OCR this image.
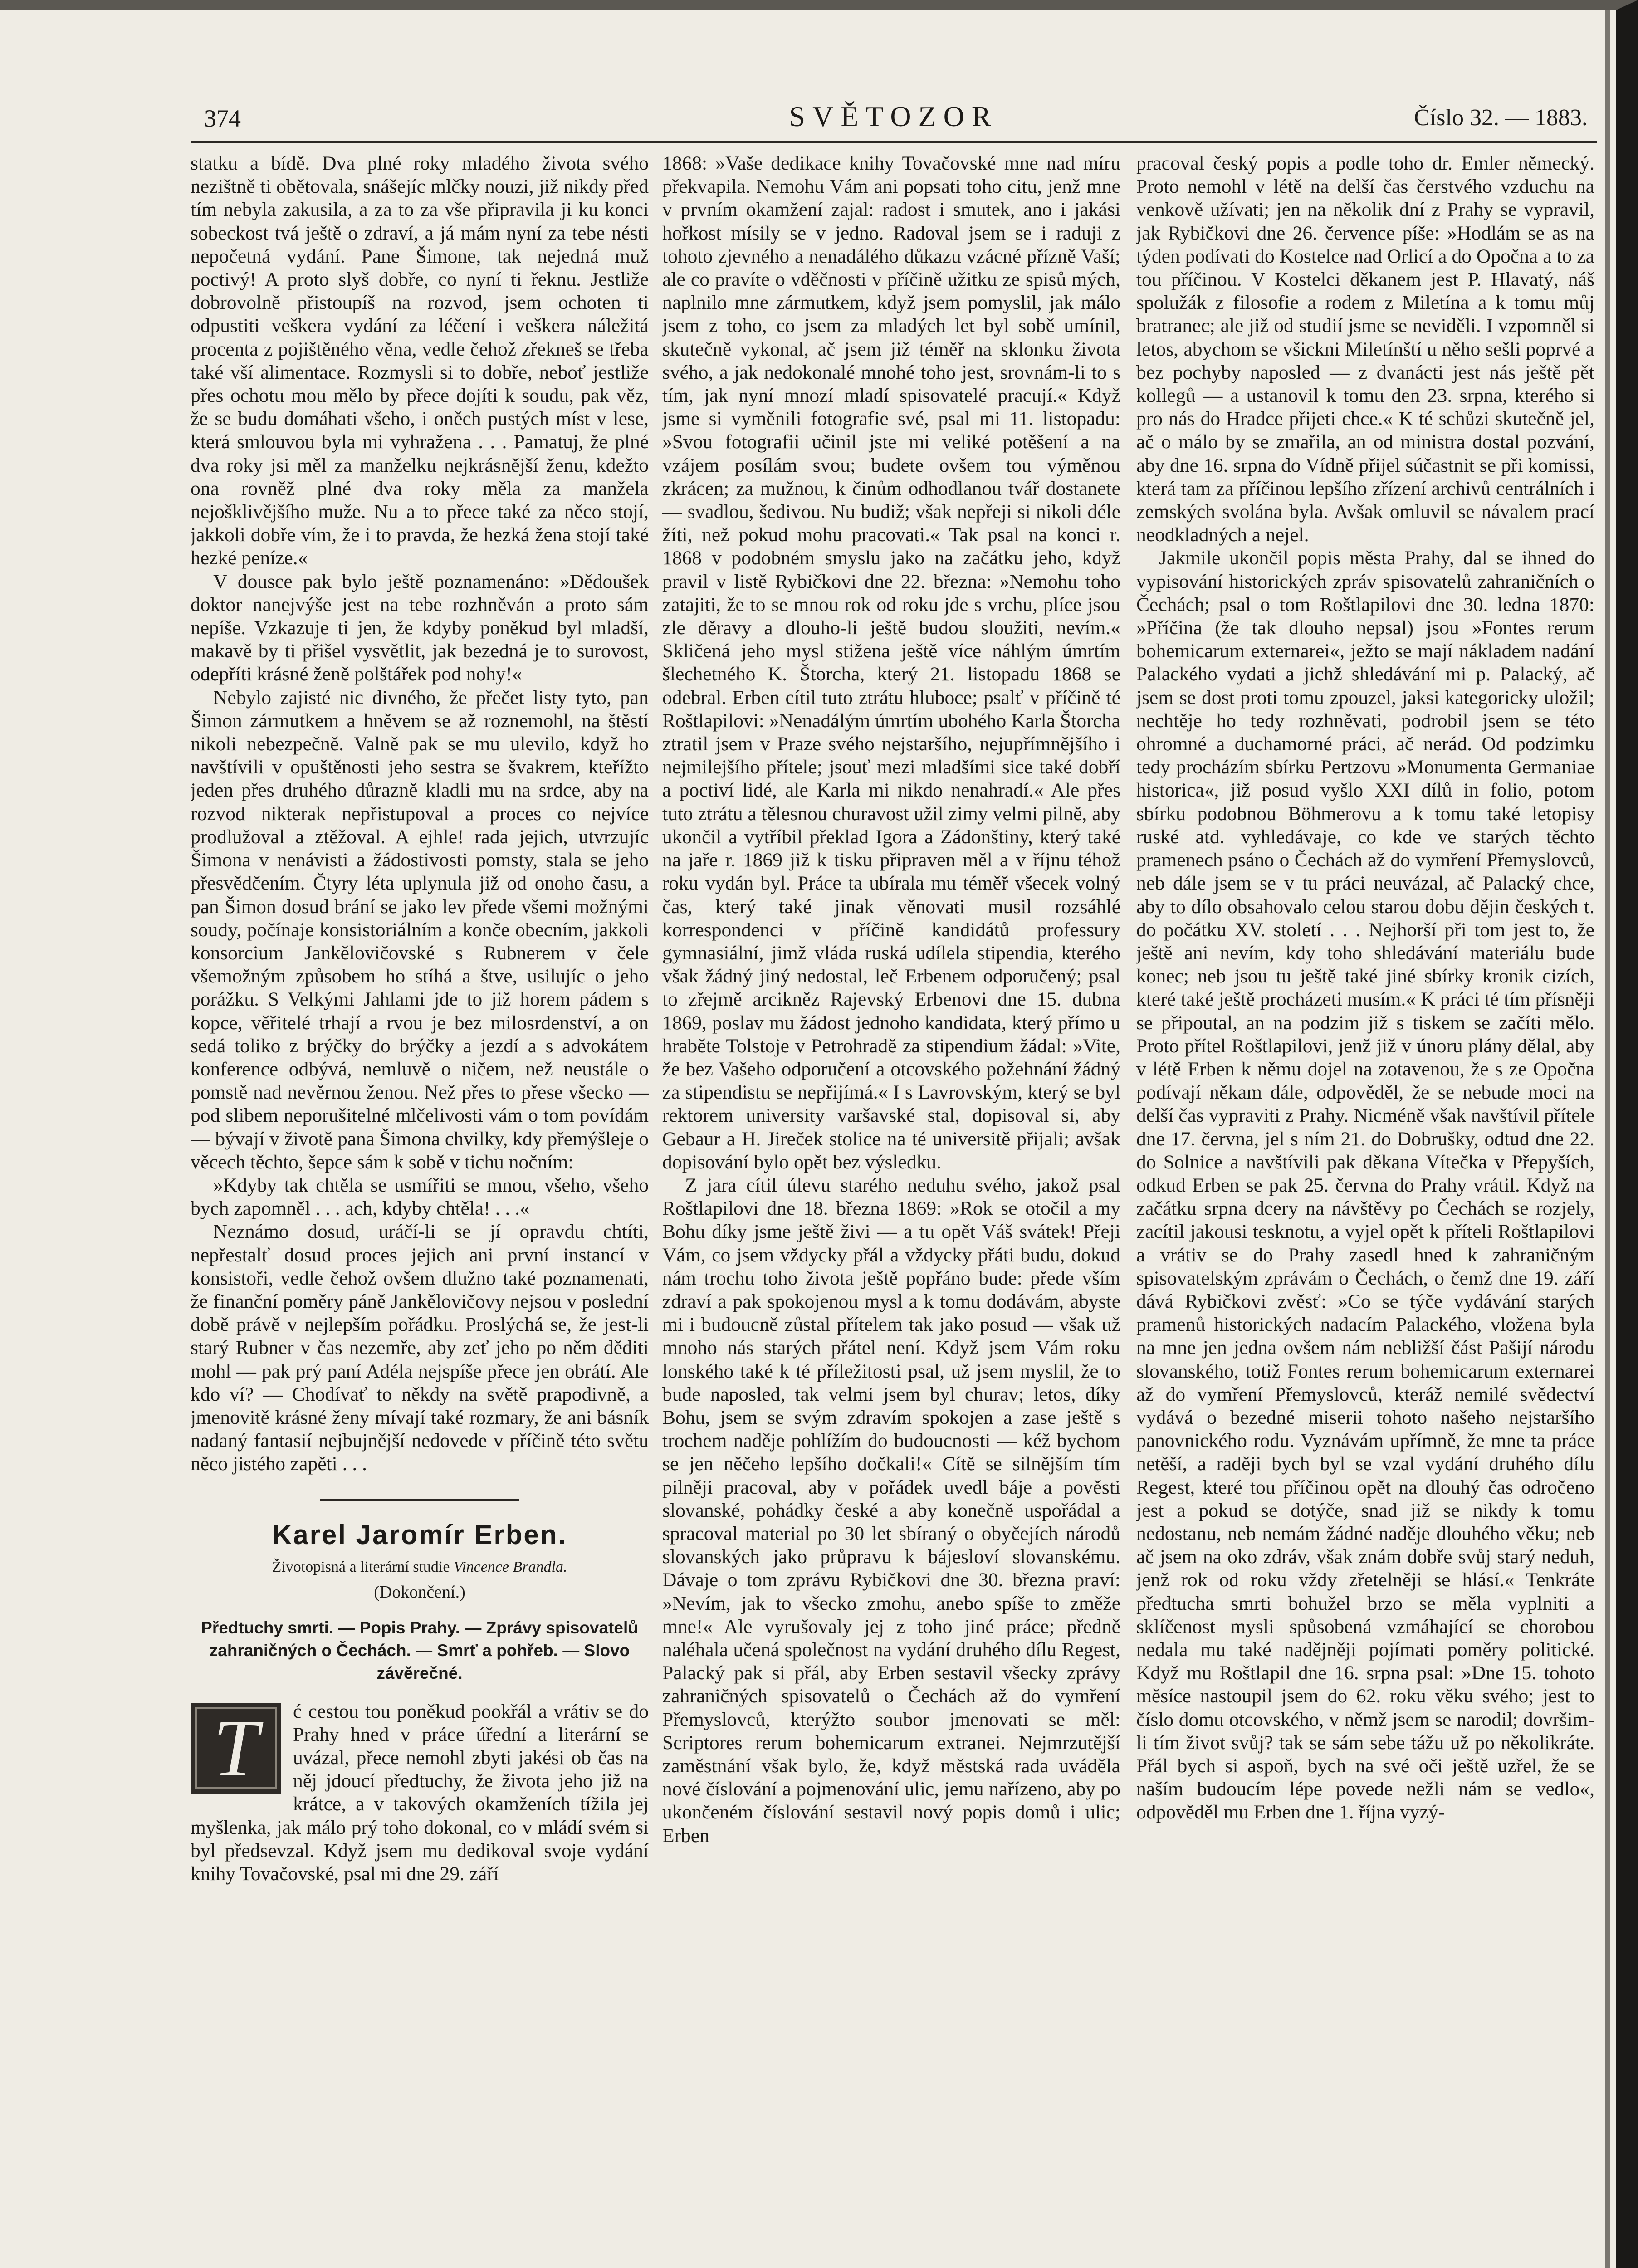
374	SVĚTOZOR	Číslo 32. — 1883.

statku a bídě. Dva plné roky mladého života svého nezištně ti obětovala, snášejíc mlčky nouzi, již nikdy před tím nebyla zakusila, a za to za vše připravila ji ku konci sobeckost tvá ještě o zdraví, a já mám nyní za tebe nésti nepočetná vydání. Pane Šimone, tak nejedná muž poctivý! A proto slyš dobře, co nyní ti řeknu. Jestliže dobrovolně přistoupíš na rozvod, jsem ochoten ti odpustiti veškera vydání za léčení i veškera náležitá procenta z pojištěného věna, vedle čehož zřekneš se třeba také vší alimentace. Rozmysli si to dobře, neboť jestliže přes ochotu mou mělo by přece dojíti k soudu, pak věz, že se budu domáhati všeho, i oněch pustých míst v lese, která smlouvou byla mi vyhražena . . . Pamatuj, že plné dva roky jsi měl za manželku nejkrásnější ženu, kdežto ona rovněž plné dva roky měla za manžela nejošklivějšího muže. Nu a to přece také za něco stojí, jakkoli dobře vím, že i to pravda, že hezká žena stojí také hezké peníze.«

V dousce pak bylo ještě poznamenáno: »Dědoušek doktor nanejvýše jest na tebe rozhněván a proto sám nepíše. Vzkazuje ti jen, že kdyby poněkud byl mladší, makavě by ti přišel vysvětlit, jak bezedná je to surovost, odepříti krásné ženě polštářek pod nohy!«

Nebylo zajisté nic divného, že přečet listy tyto, pan Šimon zármutkem a hněvem se až roznemohl, na štěstí nikoli nebezpečně. Valně pak se mu ulevilo, když ho navštívili v opuštěnosti jeho sestra se švakrem, kteřížto jeden přes druhého důrazně kladli mu na srdce, aby na rozvod nikterak nepřistupoval a proces co nejvíce prodlužoval a ztěžoval. A ejhle! rada jejich, utvrzujíc Šimona v nenávisti a žádostivosti pomsty, stala se jeho přesvědčením. Čtyry léta uplynula již od onoho času, a pan Šimon dosud brání se jako lev přede všemi možnými soudy, počínaje konsistoriálním a konče obecním, jakkoli konsorcium Jankělovičovské s Rubnerem v čele všemožným způsobem ho stíhá a štve, usilujíc o jeho porážku. S Velkými Jahlami jde to již horem pádem s kopce, věřitelé trhají a rvou je bez milosrdenství, a on sedá toliko z brýčky do brýčky a jezdí a s advokátem konference odbývá, nemluvě o ničem, než neustále o pomstě nad nevěrnou ženou. Než přes to přese všecko — pod slibem neporušitelné mlčelivosti vám o tom povídám — bývají v životě pana Šimona chvilky, kdy přemýšleje o věcech těchto, šepce sám k sobě v tichu nočním:

»Kdyby tak chtěla se usmířiti se mnou, všeho, všeho bych zapomněl . . . ach, kdyby chtěla! . . .«

Neznámo dosud, uráčí-li se jí opravdu chtíti, nepřestalť dosud proces jejich ani první instancí v konsistoři, vedle čehož ovšem dlužno také poznamenati, že finanční poměry páně Jankělovičovy nejsou v poslední době právě v nejlepším pořádku. Proslýchá se, že jest-li starý Rubner v čas nezemře, aby zeť jeho po něm děditi mohl — pak prý paní Adéla nejspíše přece jen obrátí. Ale kdo ví? — Chodívať to někdy na světě prapodivně, a jmenovitě krásné ženy mívají také rozmary, že ani básník nadaný fantasií nejbujnější nedovede v příčině této světu něco jistého zapěti . . .

Karel Jaromír Erben.
Životopisná a literární studie Vincence Brandla.
(Dokončení.)
Předtuchy smrti. — Popis Prahy. — Zprávy spisovatelů zahraničných o Čechách. — Smrť a pohřeb. — Slovo závěrečné.
T	ć cestou tou poněkud pookřál a vrátiv se do Prahy hned v práce úřední a literární se uvázal, přece nemohl zbyti jakési ob čas na něj jdoucí předtuchy, že života jeho již na krátce, a v takových okamženích tížila jej myšlenka, jak málo prý toho dokonal, co v mládí svém si byl předsevzal. Když jsem mu dedikoval svoje vydání knihy Tovačovské, psal mi dne 29. září

1868: »Vaše dedikace knihy Tovačovské mne nad míru překvapila. Nemohu Vám ani popsati toho citu, jenž mne v prvním okamžení zajal: radost i smutek, ano i jakási hořkost mísily se v jedno. Radoval jsem se i raduji z tohoto zjevného a nenadálého důkazu vzácné přízně Vaší; ale co pravíte o vděčnosti v příčině užitku ze spisů mých, naplnilo mne zármutkem, když jsem pomyslil, jak málo jsem z toho, co jsem za mladých let byl sobě umínil, skutečně vykonal, ač jsem již téměř na sklonku života svého, a jak nedokonalé mnohé toho jest, srovnám-li to s tím, jak nyní mnozí mladí spisovatelé pracují.« Když jsme si vyměnili fotografie své, psal mi 11. listopadu: »Svou fotografii učinil jste mi veliké potěšení a na vzájem posílám svou; budete ovšem tou výměnou zkrácen; za mužnou, k činům odhodlanou tvář dostanete — svadlou, šedivou. Nu budiž; však nepřeji si nikoli déle žíti, než pokud mohu pracovati.« Tak psal na konci r. 1868 v podobném smyslu jako na začátku jeho, když pravil v listě Rybičkovi dne 22. března: »Nemohu toho zatajiti, že to se mnou rok od roku jde s vrchu, plíce jsou zle děravy a dlouho-li ještě budou sloužiti, nevím.« Skličená jeho mysl stižena ještě více náhlým úmrtím šlechetného K. Štorcha, který 21. listopadu 1868 se odebral. Erben cítil tuto ztrátu hluboce; psalť v příčině té Roštlapilovi: »Nenadálým úmrtím ubohého Karla Štorcha ztratil jsem v Praze svého nejstaršího, nejupřímnějšího i nejmilejšího přítele; jsouť mezi mladšími sice také dobří a poctiví lidé, ale Karla mi nikdo nenahradí.« Ale přes tuto ztrátu a tělesnou churavost užil zimy velmi pilně, aby ukončil a vytříbil překlad Igora a Zádonštiny, který také na jaře r. 1869 již k tisku připraven měl a v říjnu téhož roku vydán byl. Práce ta ubírala mu téměř všecek volný čas, který také jinak věnovati musil rozsáhlé korrespondenci v příčině kandidátů professury gymnasiální, jimž vláda ruská udílela stipendia, kterého však žádný jiný nedostal, leč Erbenem odporučený; psal to zřejmě arcikněz Rajevský Erbenovi dne 15. dubna 1869, poslav mu žádost jednoho kandidata, který přímo u hraběte Tolstoje v Petrohradě za stipendium žádal: »Vite, že bez Vašeho odporučení a otcovského požehnání žádný za stipendistu se nepřijímá.« I s Lavrovským, který se byl rektorem university varšavské stal, dopisoval si, aby Gebaur a H. Jireček stolice na té universitě přijali; avšak dopisování bylo opět bez výsledku.

Z jara cítil úlevu starého neduhu svého, jakož psal Roštlapilovi dne 18. března 1869: »Rok se otočil a my Bohu díky jsme ještě živi — a tu opět Váš svátek! Přeji Vám, co jsem vždycky přál a vždycky přáti budu, dokud nám trochu toho života ještě popřáno bude: přede vším zdraví a pak spokojenou mysl a k tomu dodávám, abyste mi i budoucně zůstal přítelem tak jako posud — však už mnoho nás starých přátel není. Když jsem Vám roku lonského také k té příležitosti psal, už jsem myslil, že to bude naposled, tak velmi jsem byl churav; letos, díky Bohu, jsem se svým zdravím spokojen a zase ještě s trochem naděje pohlížím do budoucnosti — kéž bychom se jen něčeho lepšího dočkali!« Cítě se silnějším tím pilněji pracoval, aby v pořádek uvedl báje a pověsti slovanské, pohádky české a aby konečně uspořádal a spracoval material po 30 let sbíraný o obyčejích národů slovanských jako průpravu k bájesloví slovanskému. Dávaje o tom zprávu Rybičkovi dne 30. března praví: »Nevím, jak to všecko zmohu, anebo spíše to změže mne!« Ale vyrušovaly jej z toho jiné práce; předně naléhala učená společnost na vydání druhého dílu Regest, Palacký pak si přál, aby Erben sestavil všecky zprávy zahraničných spisovatelů o Čechách až do vymření Přemyslovců, kterýžto soubor jmenovati se měl: Scriptores rerum bohemicarum extranei. Nejmrzutější zaměstnání však bylo, že, když městská rada uváděla nové číslování a pojmenování ulic, jemu nařízeno, aby po ukončeném číslování sestavil nový popis domů i ulic; Erben

pracoval český popis a podle toho dr. Emler německý. Proto nemohl v létě na delší čas čerstvého vzduchu na venkově užívati; jen na několik dní z Prahy se vypravil, jak Rybičkovi dne 26. července píše: »Hodlám se as na týden podívati do Kostelce nad Orlicí a do Opočna a to za tou příčinou. V Kostelci děkanem jest P. Hlavatý, náš spolužák z filosofie a rodem z Miletína a k tomu můj bratranec; ale již od studií jsme se neviděli. I vzpomněl si letos, abychom se všickni Miletínští u něho sešli poprvé a bez pochyby naposled — z dvanácti jest nás ještě pět kollegů — a ustanovil k tomu den 23. srpna, kterého si pro nás do Hradce přijeti chce.« K té schůzi skutečně jel, ač o málo by se zmařila, an od ministra dostal pozvání, aby dne 16. srpna do Vídně přijel súčastnit se při komissi, která tam za příčinou lepšího zřízení archivů centrálních i zemských svolána byla. Avšak omluvil se návalem prací neodkladných a nejel.

Jakmile ukončil popis města Prahy, dal se ihned do vypisování historických zpráv spisovatelů zahraničních o Čechách; psal o tom Roštlapilovi dne 30. ledna 1870: »Příčina (že tak dlouho nepsal) jsou »Fontes rerum bohemicarum externarei«, ježto se mají nákladem nadání Palackého vydati a jichž shledávání mi p. Palacký, ač jsem se dost proti tomu zpouzel, jaksi kategoricky uložil; nechtěje ho tedy rozhněvati, podrobil jsem se této ohromné a duchamorné práci, ač nerád. Od podzimku tedy procházím sbírku Pertzovu »Monumenta Germaniae historica«, již posud vyšlo XXI dílů in folio, potom sbírku podobnou Böhmerovu a k tomu také letopisy ruské atd. vyhledávaje, co kde ve starých těchto pramenech psáno o Čechách až do vymření Přemyslovců, neb dále jsem se v tu práci neuvázal, ač Palacký chce, aby to dílo obsahovalo celou starou dobu dějin českých t. do počátku XV. století . . . Nejhorší při tom jest to, že ještě ani nevím, kdy toho shledávání materiálu bude konec; neb jsou tu ještě také jiné sbírky kronik cizích, které také ještě procházeti musím.« K práci té tím přísněji se připoutal, an na podzim již s tiskem se začíti mělo. Proto přítel Roštlapilovi, jenž již v únoru plány dělal, aby v létě Erben k němu dojel na zotavenou, že s ze Opočna podívají někam dále, odpověděl, že se nebude moci na delší čas vypraviti z Prahy. Nicméně však navštívil přítele dne 17. června, jel s ním 21. do Dobrušky, odtud dne 22. do Solnice a navštívili pak děkana Vítečka v Přepyších, odkud Erben se pak 25. června do Prahy vrátil. Když na začátku srpna dcery na návštěvy po Čechách se rozjely, zacítil jakousi tesknotu, a vyjel opět k příteli Roštlapilovi a vrátiv se do Prahy zasedl hned k zahraničným spisovatelským zprávám o Čechách, o čemž dne 19. září dává Rybičkovi zvěsť: »Co se týče vydávání starých pramenů historických nadacím Palackého, vložena byla na mne jen jedna ovšem nám nebližší část Pašijí národu slovanského, totiž Fontes rerum bohemicarum externarei až do vymření Přemyslovců, kteráž nemilé svědectví vydává o bezedné miserii tohoto našeho nejstaršího panovnického rodu. Vyznávám upřímně, že mne ta práce netěší, a raději bych byl se vzal vydání druhého dílu Regest, které tou příčinou opět na dlouhý čas odročeno jest a pokud se dotýče, snad již se nikdy k tomu nedostanu, neb nemám žádné naděje dlouhého věku; neb ač jsem na oko zdráv, však znám dobře svůj starý neduh, jenž rok od roku vždy zřetelněji se hlásí.« Tenkráte předtucha smrti bohužel brzo se měla vyplniti a sklíčenost mysli spůsobená vzmáhající se chorobou nedala mu také nadějněji pojímati poměry politické. Když mu Roštlapil dne 16. srpna psal: »Dne 15. tohoto měsíce nastoupil jsem do 62. roku věku svého; jest to číslo domu otcovského, v němž jsem se narodil; dovršim-li tím život svůj? tak se sám sebe tážu už po několikráte. Přál bych si aspoň, bych na své oči ještě uzřel, že se naším budoucím lépe povede nežli nám se vedlo«, odpověděl mu Erben dne 1. října vyzý-
